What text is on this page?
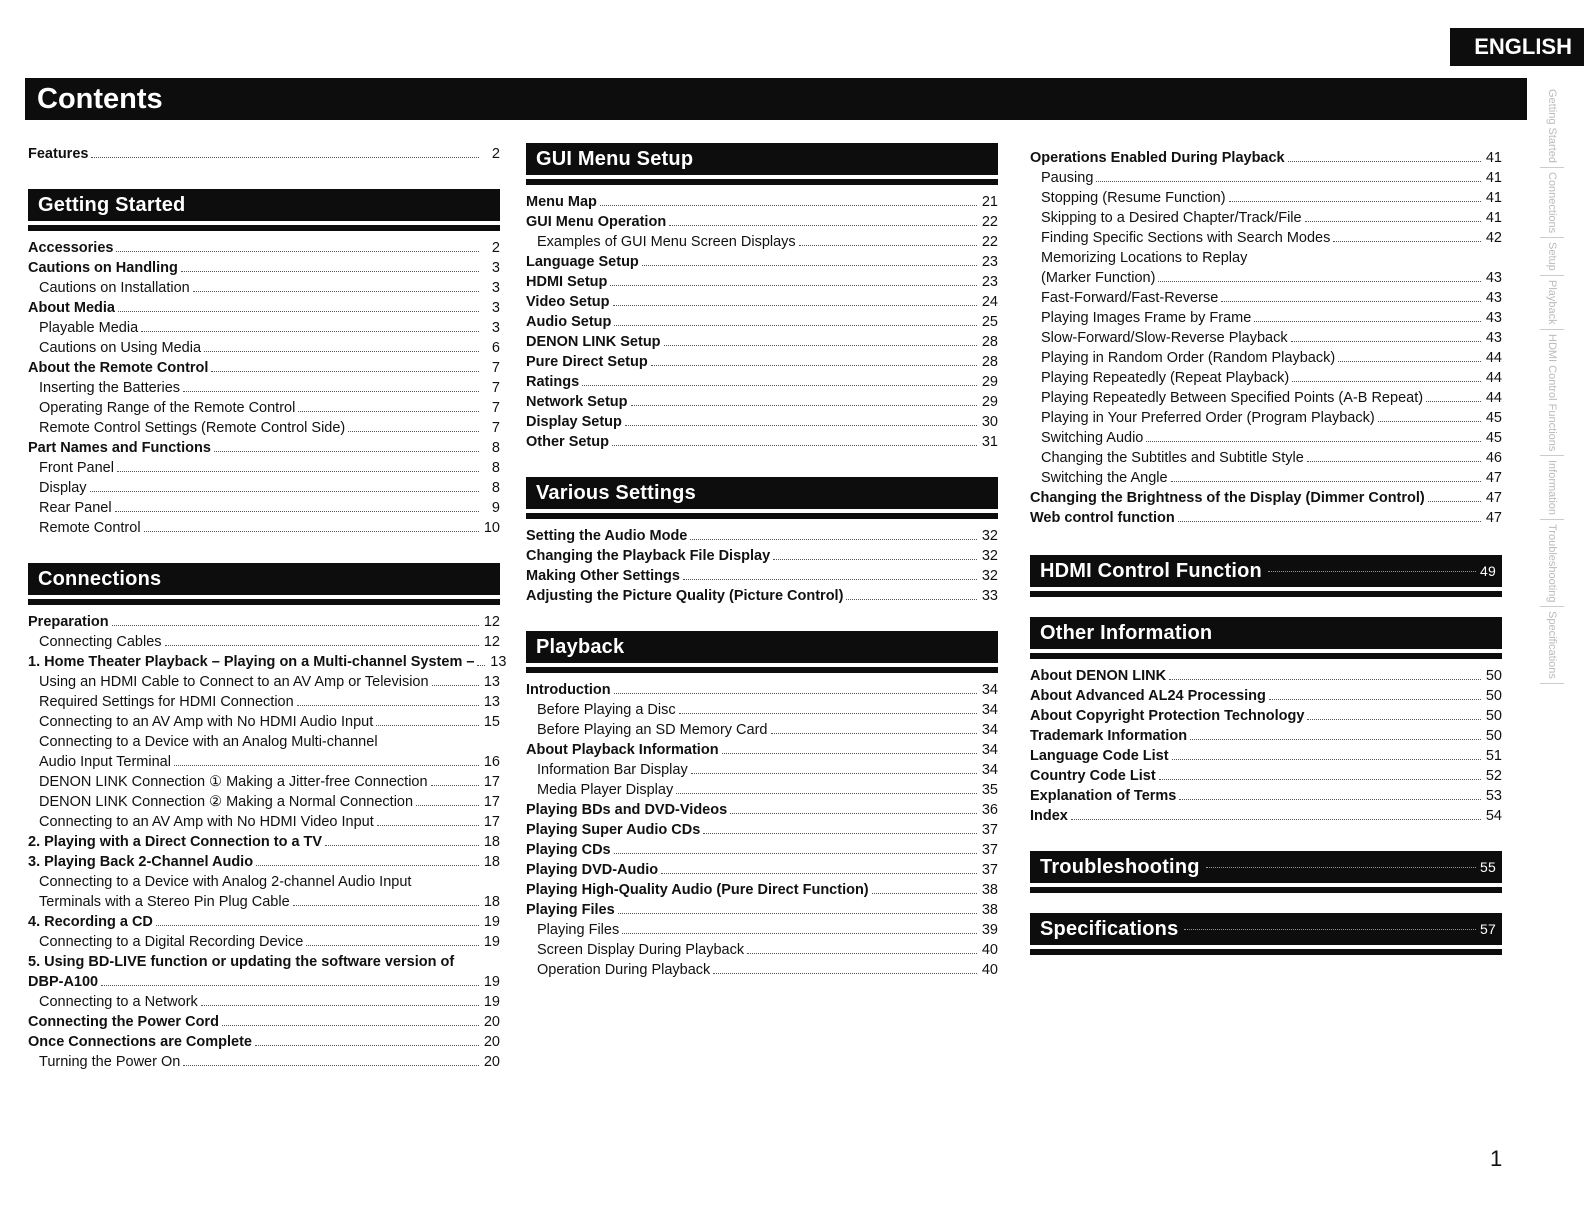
ENGLISH
Contents	Getting Started
Connections
Setup
Playback
HDMI Control Functions
Information
Troubleshooting
Specifications
Features	2
Getting Started
Accessories	2
Cautions on Handling	3
Cautions on Installation	3
About Media	3
Playable Media	3
Cautions on Using Media	6
About the Remote Control	7
Inserting the Batteries	7
Operating Range of the Remote Control	7
Remote Control Settings (Remote Control Side)	7
Part Names and Functions	8
Front Panel	8
Display	8
Rear Panel	9
Remote Control	10
Connections
Preparation	12
Connecting Cables	12
1. Home Theater Playback – Playing on a Multi-channel System – 13
Using an HDMI Cable to Connect to an AV Amp or Television	13
Required Settings for HDMI Connection	13
Connecting to an AV Amp with No HDMI Audio Input	15
Connecting to a Device with an Analog Multi-channel
Audio Input Terminal	16
DENON LINK Connection ① Making a Jitter-free Connection	17
DENON LINK Connection ② Making a Normal Connection	17
Connecting to an AV Amp with No HDMI Video Input	17
2. Playing with a Direct Connection to a TV	18
3. Playing Back 2-Channel Audio	18
Connecting to a Device with Analog 2-channel Audio Input
Terminals with a Stereo Pin Plug Cable	18
4. Recording a CD	19
Connecting to a Digital Recording Device	19
5. Using BD-LIVE function or updating the software version of
DBP-A100	19
Connecting to a Network	19
Connecting the Power Cord	20
Once Connections are Complete	20
Turning the Power On	20
GUI Menu Setup
Menu Map	21
GUI Menu Operation	22
Examples of GUI Menu Screen Displays	22
Language Setup	23
HDMI Setup	23
Video Setup	24
Audio Setup	25
DENON LINK Setup	28
Pure Direct Setup	28
Ratings	29
Network Setup	29
Display Setup	30
Other Setup	31
Various Settings
Setting the Audio Mode	32
Changing the Playback File Display	32
Making Other Settings	32
Adjusting the Picture Quality (Picture Control)	33
Playback
Introduction	34
Before Playing a Disc	34
Before Playing an SD Memory Card	34
About Playback Information	34
Information Bar Display	34
Media Player Display	35
Playing BDs and DVD-Videos	36
Playing Super Audio CDs	37
Playing CDs	37
Playing DVD-Audio	37
Playing High-Quality Audio (Pure Direct Function)	38
Playing Files	38
Playing Files	39
Screen Display During Playback	40
Operation During Playback	40
Operations Enabled During Playback	41
Pausing	41
Stopping (Resume Function)	41
Skipping to a Desired Chapter/Track/File	41
Finding Specific Sections with Search Modes	42
Memorizing Locations to Replay
(Marker Function)	43
Fast-Forward/Fast-Reverse	43
Playing Images Frame by Frame	43
Slow-Forward/Slow-Reverse Playback	43
Playing in Random Order (Random Playback)	44
Playing Repeatedly (Repeat Playback)	44
Playing Repeatedly Between Specified Points (A-B Repeat)	44
Playing in Your Preferred Order (Program Playback)	45
Switching Audio	45
Changing the Subtitles and Subtitle Style	46
Switching the Angle	47
Changing the Brightness of the Display (Dimmer Control)	47
Web control function	47
HDMI Control Function	49
Other Information
About DENON LINK	50
About Advanced AL24 Processing	50
About Copyright Protection Technology	50
Trademark Information	50
Language Code List	51
Country Code List	52
Explanation of Terms	53
Index	54
Troubleshooting	55
Specifications	57
1
